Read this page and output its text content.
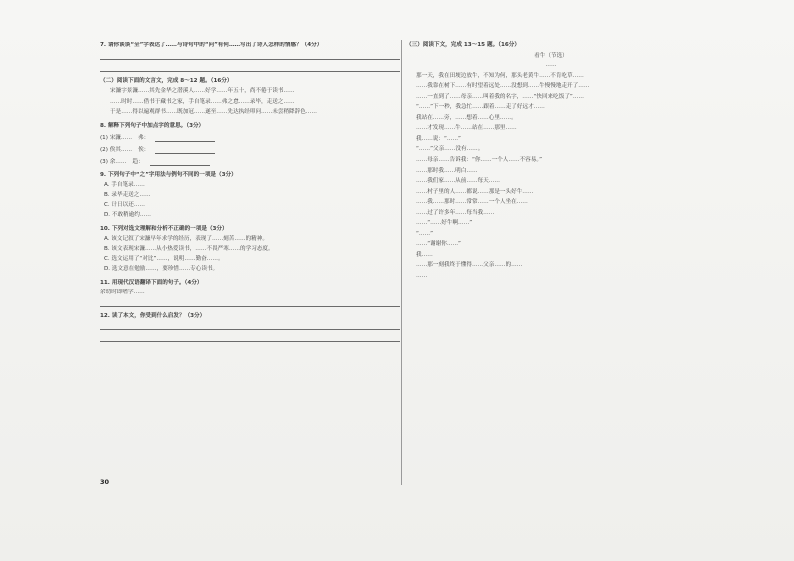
7. 请你谈谈“全”字表达了……与诗句中的“问”有何……写出了诗人怎样的情感？（4分）
（二）阅读下面的文言文，完成 8～12 题。（16分）
宋濂字景濂……其先金华之潜溪人……好学……年五十，尚不倦于读书……
……时时……借书于藏书之家，手自笔录……弗之怠……录毕，走送之……
于是……得以遍观群书……既加冠……遂至……先达执经叩问……未尝稍降辞色……
8. 解释下列句子中加点字的意思。（3分）
(1) 宋濂…… 弗：
(2) 俟其…… 俟：
(3) 余…… 趋：
9. 下列句子中“之”字用法与例句不同的一项是（3分）
A. 手自笔录……
B. 录毕走送之……
C. 计日以还……
D. 不敢稍逾约……
10. 下列对选文理解和分析不正确的一项是（3分）
A. 该文记叙了宋濂早年求学的经历，表现了……刻苦……的精神。
B. 该文表现宋濂……从小热爱读书，……不畏严寒……的学习态度。
C. 选文运用了“对比”……，说明……勤奋……。
D. 选文意在勉励……，要珍惜……专心读书。
11. 用现代汉语翻译下面的句子。（4分）
余幼时即嗜学……
12. 读了本文，你受到什么启发？（3分）
（三）阅读下文，完成 13～15 题。（16分）
看牛（节选）
……
那一天，我在田埂边放牛，不知为何，那头老黄牛……不肯吃草……
……我靠在树下……有时望着远处……没想到……牛慢慢地走开了……
……一直到了……母亲……叫着我的名字，……“快回来吃饭了”……
“……”下一秒，我急忙……跟着……走了好远才……
我站在……旁，……想着……心里……。
……才发现……牛……站在……那里……
我……说：“……”
“……”父亲……没有……。
……母亲……告诉我：“你……一个人……不容易。”
……那时我……明白……
……我们家……从前……每天……
……村子里的人……都说……那是一头好牛……
……我……那时……常常……一个人坐在……
……过了许多年……每当我……
……“……好牛啊……”
“……”
……“谢谢你……”
我……
……那一刻我终于懂得……父亲……的……
……
30
